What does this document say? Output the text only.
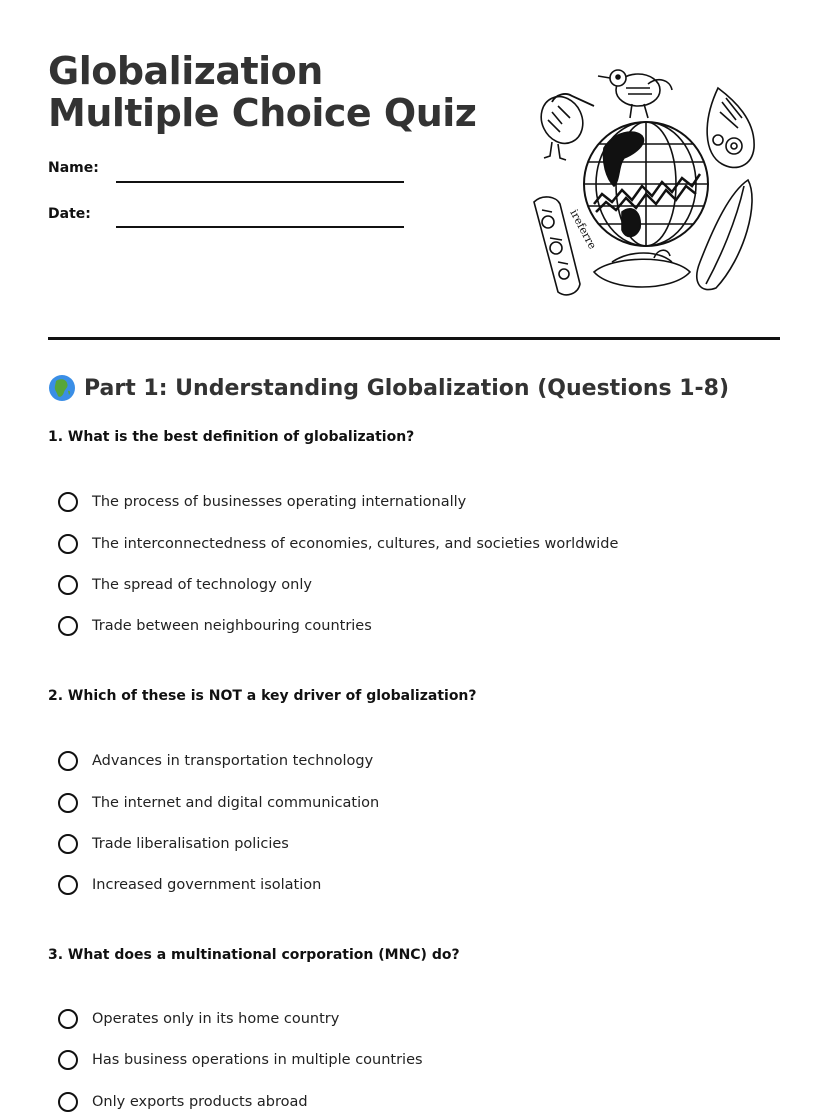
Globalization Multiple Choice Quiz
Name:
Date:	ireferre
Part 1: Understanding Globalization (Questions 1-8)
1. What is the best definition of globalization?
The process of businesses operating internationally
The interconnectedness of economies, cultures, and societies worldwide
The spread of technology only
Trade between neighbouring countries
2. Which of these is NOT a key driver of globalization?
Advances in transportation technology
The internet and digital communication
Trade liberalisation policies
Increased government isolation
3. What does a multinational corporation (MNC) do?
Operates only in its home country
Has business operations in multiple countries
Only exports products abroad
